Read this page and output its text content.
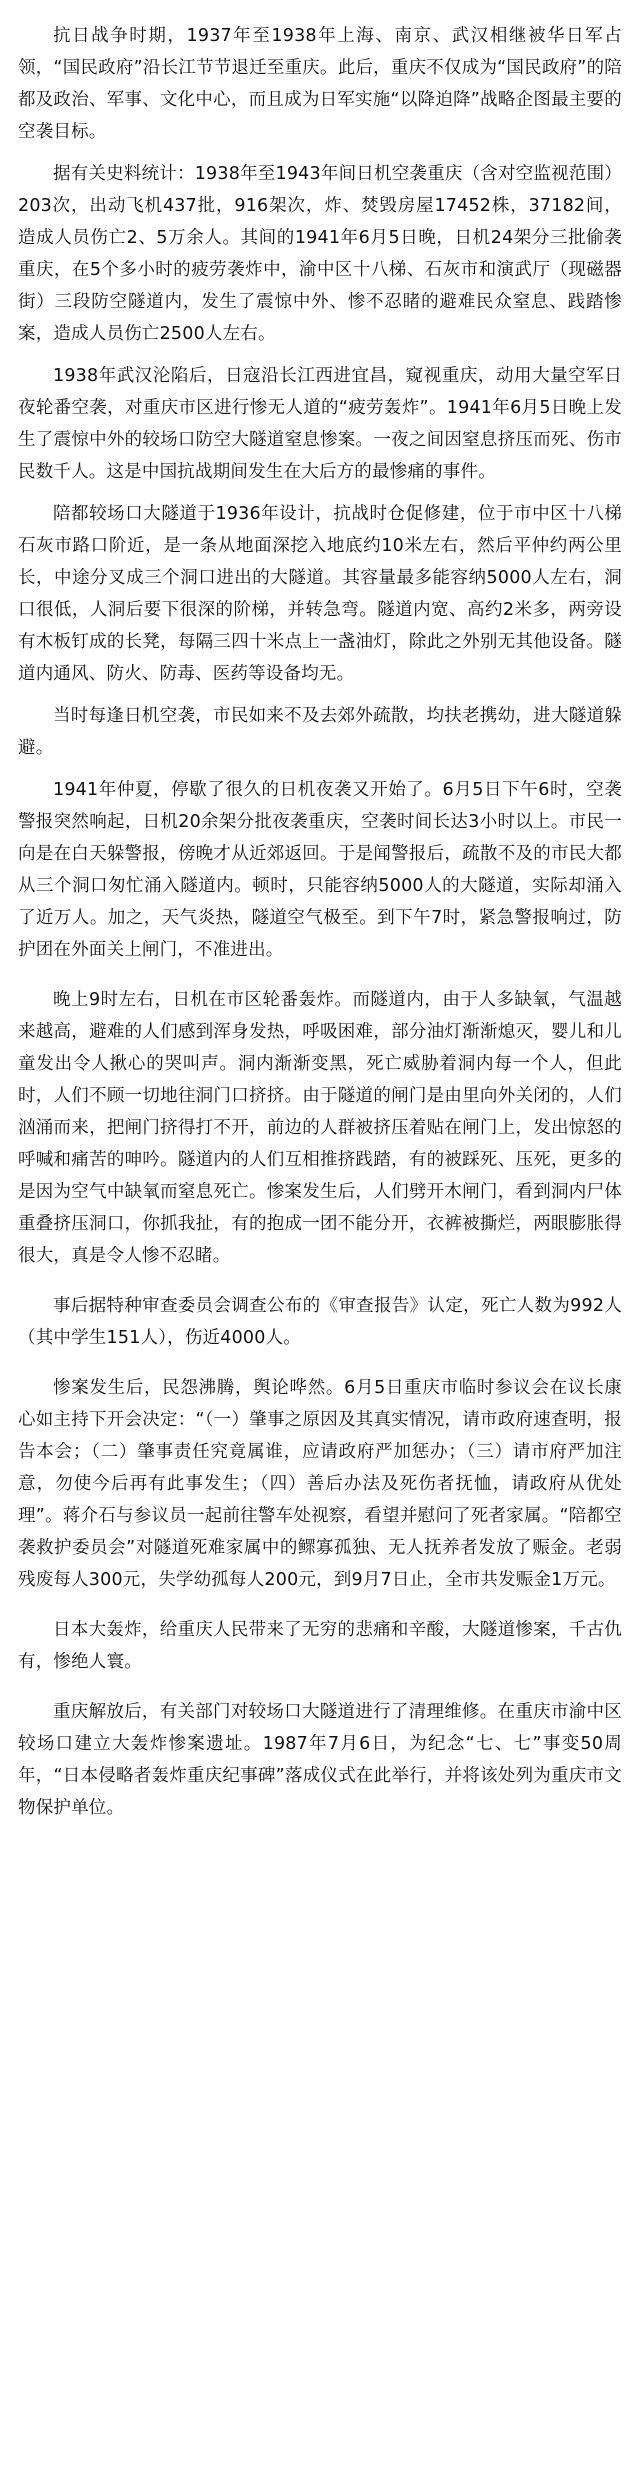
抗日战争时期，1937年至1938年上海、南京、武汉相继被华日军占领，“国民政府”沿长江节节退迁至重庆。此后，重庆不仅成为“国民政府”的陪都及政治、军事、文化中心，而且成为日军实施“以降迫降”战略企图最主要的空袭目标。

据有关史料统计：1938年至1943年间日机空袭重庆（含对空监视范围）203次，出动飞机437批，916架次，炸、焚毁房屋17452株，37182间，造成人员伤亡2、5万余人。其间的1941年6月5日晚，日机24架分三批偷袭重庆，在5个多小时的疲劳袭炸中，渝中区十八梯、石灰市和演武厅（现磁器街）三段防空隧道内，发生了震惊中外、惨不忍睹的避难民众窒息、践踏惨案，造成人员伤亡2500人左右。

1938年武汉沦陷后，日寇沿长江西进宜昌，窥视重庆，动用大量空军日夜轮番空袭，对重庆市区进行惨无人道的“疲劳轰炸”。1941年6月5日晚上发生了震惊中外的较场口防空大隧道窒息惨案。一夜之间因窒息挤压而死、伤市民数千人。这是中国抗战期间发生在大后方的最惨痛的事件。

陪都较场口大隧道于1936年设计，抗战时仓促修建，位于市中区十八梯石灰市路口阶近，是一条从地面深挖入地底约10米左右，然后平仲约两公里长，中途分叉成三个洞口进出的大隧道。其容量最多能容纳5000人左右，洞口很低，人洞后要下很深的阶梯，并转急弯。隧道内宽、高约2米多，两旁设有木板钉成的长凳，每隔三四十米点上一盏油灯，除此之外别无其他设备。隧道内通风、防火、防毒、医药等设备均无。

当时每逢日机空袭，市民如来不及去郊外疏散，均扶老携幼，进大隧道躲避。

1941年仲夏，停歇了很久的日机夜袭又开始了。6月5日下午6时，空袭警报突然响起，日机20余架分批夜袭重庆，空袭时间长达3小时以上。市民一向是在白天躲警报，傍晚才从近郊返回。于是闻警报后，疏散不及的市民大都从三个洞口匆忙涌入隧道内。顿时，只能容纳5000人的大隧道，实际却涌入了近万人。加之，天气炎热，隧道空气极至。到下午7时，紧急警报响过，防护团在外面关上闸门，不准进出。

晚上9时左右，日机在市区轮番轰炸。而隧道内，由于人多缺氧，气温越来越高，避难的人们感到浑身发热，呼吸困难，部分油灯渐渐熄灭，婴儿和儿童发出令人揪心的哭叫声。洞内渐渐变黑，死亡威胁着洞内每一个人，但此时，人们不顾一切地往洞门口挤挤。由于隧道的闸门是由里向外关闭的，人们汹涌而来，把闸门挤得打不开，前边的人群被挤压着贴在闸门上，发出惊怒的呼喊和痛苦的呻吟。隧道内的人们互相推挤践踏，有的被踩死、压死，更多的是因为空气中缺氧而窒息死亡。惨案发生后，人们劈开木闸门，看到洞内尸体重叠挤压洞口，你抓我扯，有的抱成一团不能分开，衣裤被撕烂，两眼膨胀得很大，真是令人惨不忍睹。

事后据特种审查委员会调查公布的《审查报告》认定，死亡人数为992人（其中学生151人），伤近4000人。

惨案发生后，民怨沸腾，舆论哗然。6月5日重庆市临时参议会在议长康心如主持下开会决定：“（一）肇事之原因及其真实情况，请市政府速查明，报告本会；（二）肇事责任究竟属谁，应请政府严加惩办；（三）请市府严加注意，勿使今后再有此事发生；（四）善后办法及死伤者抚恤，请政府从优处理”。蒋介石与参议员一起前往警车处视察，看望并慰问了死者家属。“陪都空袭救护委员会”对隧道死难家属中的鳏寡孤独、无人抚养者发放了赈金。老弱残废每人300元，失学幼孤每人200元，到9月7日止，全市共发赈金1万元。

日本大轰炸，给重庆人民带来了无穷的悲痛和辛酸，大隧道惨案，千古仇有，惨绝人寰。

重庆解放后，有关部门对较场口大隧道进行了清理维修。在重庆市渝中区较场口建立大轰炸惨案遗址。1987年7月6日，为纪念“七、七”事变50周年，“日本侵略者轰炸重庆纪事碑”落成仪式在此举行，并将该处列为重庆市文物保护单位。
